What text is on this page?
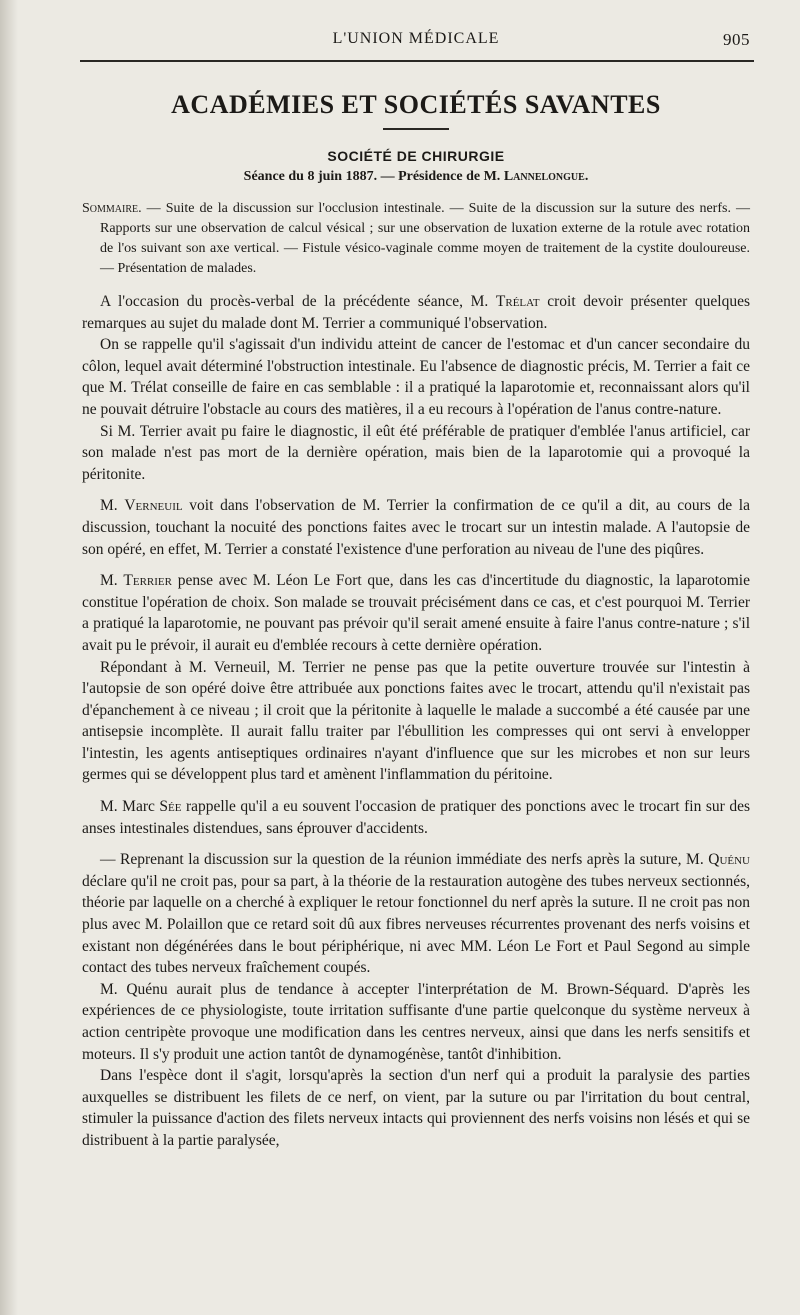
L'UNION MÉDICALE	905
ACADÉMIES ET SOCIÉTÉS SAVANTES

SOCIÉTÉ DE CHIRURGIE

Séance du 8 juin 1887. — Présidence de M. Lannelongue.

Sommaire. — Suite de la discussion sur l'occlusion intestinale. — Suite de la discussion sur la suture des nerfs. — Rapports sur une observation de calcul vésical ; sur une observation de luxation externe de la rotule avec rotation de l'os suivant son axe vertical. — Fistule vésico-vaginale comme moyen de traitement de la cystite douloureuse. — Présentation de malades.

A l'occasion du procès-verbal de la précédente séance, M. Trélat croit devoir présenter quelques remarques au sujet du malade dont M. Terrier a communiqué l'observation.

On se rappelle qu'il s'agissait d'un individu atteint de cancer de l'estomac et d'un cancer secondaire du côlon, lequel avait déterminé l'obstruction intestinale. Eu l'absence de diagnostic précis, M. Terrier a fait ce que M. Trélat conseille de faire en cas semblable : il a pratiqué la laparotomie et, reconnaissant alors qu'il ne pouvait détruire l'obstacle au cours des matières, il a eu recours à l'opération de l'anus contre-nature.

Si M. Terrier avait pu faire le diagnostic, il eût été préférable de pratiquer d'emblée l'anus artificiel, car son malade n'est pas mort de la dernière opération, mais bien de la laparotomie qui a provoqué la péritonite.

M. Verneuil voit dans l'observation de M. Terrier la confirmation de ce qu'il a dit, au cours de la discussion, touchant la nocuité des ponctions faites avec le trocart sur un intestin malade. A l'autopsie de son opéré, en effet, M. Terrier a constaté l'existence d'une perforation au niveau de l'une des piqûres.

M. Terrier pense avec M. Léon Le Fort que, dans les cas d'incertitude du diagnostic, la laparotomie constitue l'opération de choix. Son malade se trouvait précisément dans ce cas, et c'est pourquoi M. Terrier a pratiqué la laparotomie, ne pouvant pas prévoir qu'il serait amené ensuite à faire l'anus contre-nature ; s'il avait pu le prévoir, il aurait eu d'emblée recours à cette dernière opération.

Répondant à M. Verneuil, M. Terrier ne pense pas que la petite ouverture trouvée sur l'intestin à l'autopsie de son opéré doive être attribuée aux ponctions faites avec le trocart, attendu qu'il n'existait pas d'épanchement à ce niveau ; il croit que la péritonite à laquelle le malade a succombé a été causée par une antisepsie incomplète. Il aurait fallu traiter par l'ébullition les compresses qui ont servi à envelopper l'intestin, les agents antiseptiques ordinaires n'ayant d'influence que sur les microbes et non sur leurs germes qui se développent plus tard et amènent l'inflammation du péritoine.

M. Marc Sée rappelle qu'il a eu souvent l'occasion de pratiquer des ponctions avec le trocart fin sur des anses intestinales distendues, sans éprouver d'accidents.

— Reprenant la discussion sur la question de la réunion immédiate des nerfs après la suture, M. Quénu déclare qu'il ne croit pas, pour sa part, à la théorie de la restauration autogène des tubes nerveux sectionnés, théorie par laquelle on a cherché à expliquer le retour fonctionnel du nerf après la suture. Il ne croit pas non plus avec M. Polaillon que ce retard soit dû aux fibres nerveuses récurrentes provenant des nerfs voisins et existant non dégénérées dans le bout périphérique, ni avec MM. Léon Le Fort et Paul Segond au simple contact des tubes nerveux fraîchement coupés.

M. Quénu aurait plus de tendance à accepter l'interprétation de M. Brown-Séquard. D'après les expériences de ce physiologiste, toute irritation suffisante d'une partie quelconque du système nerveux à action centripète provoque une modification dans les centres nerveux, ainsi que dans les nerfs sensitifs et moteurs. Il s'y produit une action tantôt de dynamogénèse, tantôt d'inhibition.

Dans l'espèce dont il s'agit, lorsqu'après la section d'un nerf qui a produit la paralysie des parties auxquelles se distribuent les filets de ce nerf, on vient, par la suture ou par l'irritation du bout central, stimuler la puissance d'action des filets nerveux intacts qui proviennent des nerfs voisins non lésés et qui se distribuent à la partie paralysée,
